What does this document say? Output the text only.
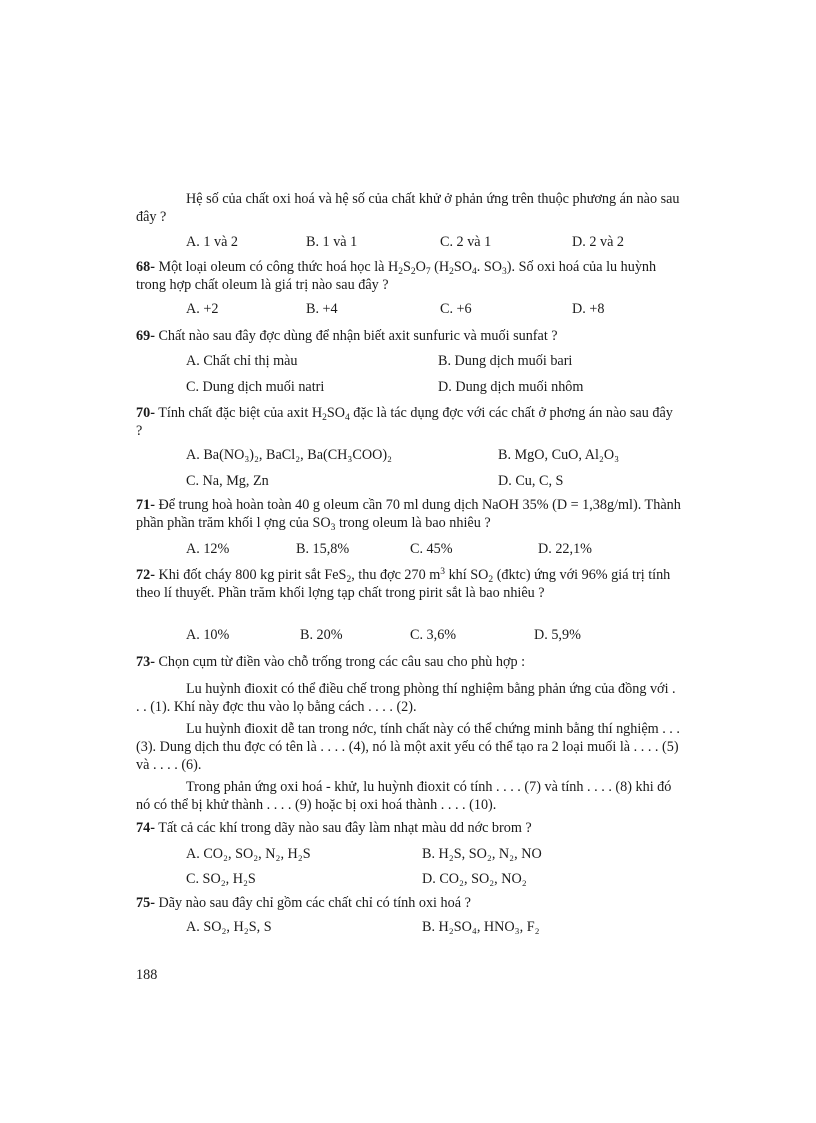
Hệ số của chất oxi hoá và hệ số của chất khử ở phản ứng trên thuộc phương án nào sau đây ?
A. 1 và 2	B. 1 và 1	C. 2 và 1	D. 2 và 2
68- Một loại oleum có công thức hoá học là $H_2S_2O_7$ ($H_2SO_4$. $SO_3$). Số oxi hoá của lu huỳnh trong hợp chất oleum là giá trị nào sau đây ?
A. +2	B. +4	C. +6	D. +8
69- Chất nào sau đây đợc dùng để nhận biết axit sunfuric và muối sunfat ?
A. Chất chỉ thị màu	B. Dung dịch muối bari
C. Dung dịch muối natri	D. Dung dịch muối nhôm
70- Tính chất đặc biệt của axit $H_2SO_4$ đặc là tác dụng đợc với các chất ở phơng án nào sau đây ?
A. Ba(NO₃)₂, BaCl₂, Ba(CH₃COO)₂	B. MgO, CuO, Al₂O₃
C. Na, Mg, Zn	D. Cu, C, S
71- Để trung hoà hoàn toàn 40 g oleum cần 70 ml dung dịch NaOH 35% (D = 1,38g/ml). Thành phần phần trăm khối l ợng của $SO_3$ trong oleum là bao nhiêu ?
A. 12%	B. 15,8%	C. 45%	D. 22,1%
72- Khi đốt cháy 800 kg pirit sắt FeS$_2$, thu đợc 270 $m^3$ khí $SO_2$ (đktc) ứng với 96% giá trị tính theo lí thuyết. Phần trăm khối lợng tạp chất trong pirit sắt là bao nhiêu ?
A. 10%	B. 20%	C. 3,6%	D. 5,9%
73- Chọn cụm từ điền vào chỗ trống trong các câu sau cho phù hợp :
Lu huỳnh đioxit có thể điều chế trong phòng thí nghiệm bằng phản ứng của đồng với . . . (1). Khí này đợc thu vào lọ bằng cách . . . . (2).
Lu huỳnh đioxit dễ tan trong nớc, tính chất này có thể chứng minh bằng thí nghiệm . . . (3). Dung dịch thu đợc có tên là . . . . (4), nó là một axit yếu có thể tạo ra 2 loại muối là . . . . (5) và . . . . (6).
Trong phản ứng oxi hoá - khử, lu huỳnh đioxit có tính . . . . (7) và tính . . . . (8) khi đó nó có thể bị khử thành . . . . (9) hoặc bị oxi hoá thành . . . . (10).
74- Tất cả các khí trong dãy nào sau đây làm nhạt màu dd nớc brom ?
A. CO₂, SO₂, N₂, H₂S	B. H₂S, SO₂, N₂, NO
C. SO₂, H₂S	D. CO₂, SO₂, NO₂
75- Dãy nào sau đây chỉ gồm các chất chỉ có tính oxi hoá ?
A. SO₂, H₂S, S	B. H₂SO₄, HNO₃, F₂
188
